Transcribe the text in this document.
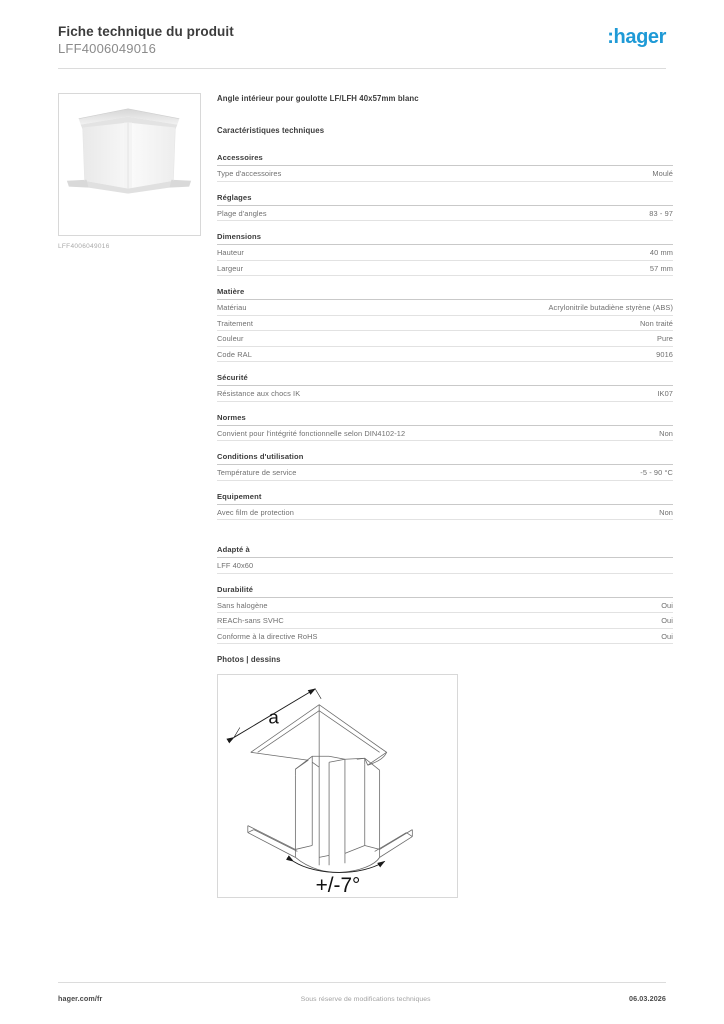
Fiche technique du produit
LFF4006049016
:hager
LFF4006049016
Angle intérieur pour goulotte LF/LFH 40x57mm blanc
Caractéristiques techniques
Accessoires
Type d'accessoires	Moulé
Réglages
Plage d'angles	83 - 97
Dimensions
Hauteur	40 mm
Largeur	57 mm
Matière
Matériau	Acrylonitrile butadiène styrène (ABS)
Traitement	Non traité
Couleur	Pure
Code RAL	9016
Sécurité
Résistance aux chocs IK	IK07
Normes
Convient pour l'intégrité fonctionnelle selon DIN4102-12	Non
Conditions d'utilisation
Température de service	-5 - 90 °C
Equipement
Avec film de protection	Non
Adapté à
LFF 40x60
Durabilité
Sans halogène	Oui
REACh-sans SVHC	Oui
Conforme à la directive RoHS	Oui
Photos | dessins
a
+/-7°
hager.com/fr	Sous réserve de modifications techniques	06.03.2026
